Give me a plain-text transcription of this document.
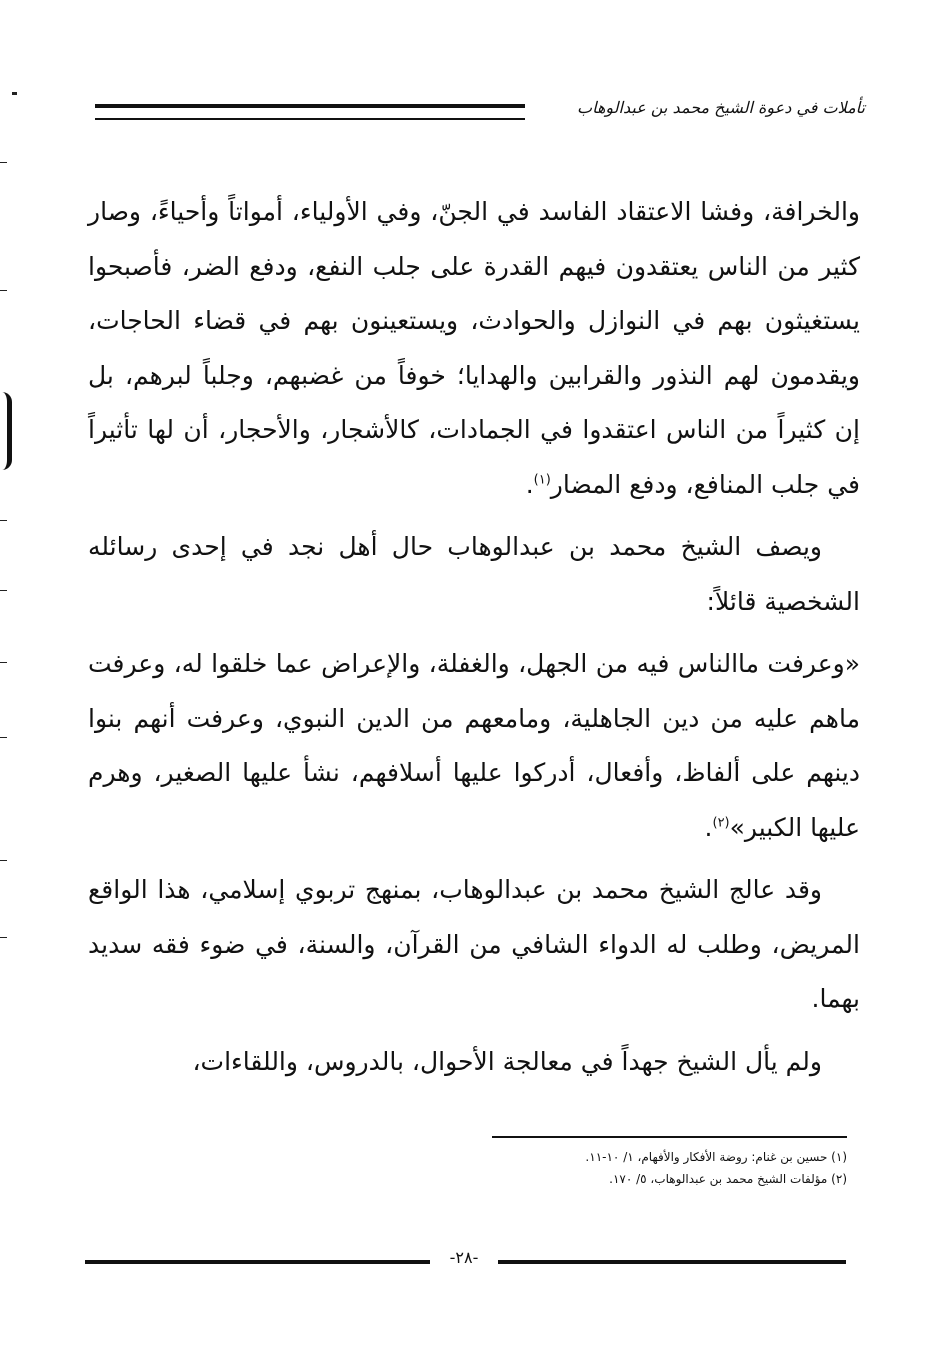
تأملات في دعوة الشيخ محمد بن عبدالوهاب

والخرافة، وفشا الاعتقاد الفاسد في الجنّ، وفي الأولياء، أمواتاً وأحياءً، وصار كثير من الناس يعتقدون فيهم القدرة على جلب النفع، ودفع الضر، فأصبحوا يستغيثون بهم في النوازل والحوادث، ويستعينون بهم في قضاء الحاجات، ويقدمون لهم النذور والقرابين والهدايا؛ خوفاً من غضبهم، وجلباً لبرهم، بل إن كثيراً من الناس اعتقدوا في الجمادات، كالأشجار، والأحجار، أن لها تأثيراً في جلب المنافع، ودفع المضار$^{(١)}$.

ويصف الشيخ محمد بن عبدالوهاب حال أهل نجد في إحدى رسائله الشخصية قائلاً:

«وعرفت ماالناس فيه من الجهل، والغفلة، والإعراض عما خلقوا له، وعرفت ماهم عليه من دين الجاهلية، ومامعهم من الدين النبوي، وعرفت أنهم بنوا دينهم على ألفاظ، وأفعال، أدركوا عليها أسلافهم، نشأ عليها الصغير، وهرم عليها الكبير»$^{(٢)}$.

وقد عالج الشيخ محمد بن عبدالوهاب، بمنهج تربوي إسلامي، هذا الواقع المريض، وطلب له الدواء الشافي من القرآن، والسنة، في ضوء فقه سديد بهما.

ولم يأل الشيخ جهداً في معالجة الأحوال، بالدروس، واللقاءات،

(١) حسين بن غنام: روضة الأفكار والأفهام، ١/ ١٠-١١.
(٢) مؤلفات الشيخ محمد بن عبدالوهاب، ٥/ ١٧٠.
-٢٨-
